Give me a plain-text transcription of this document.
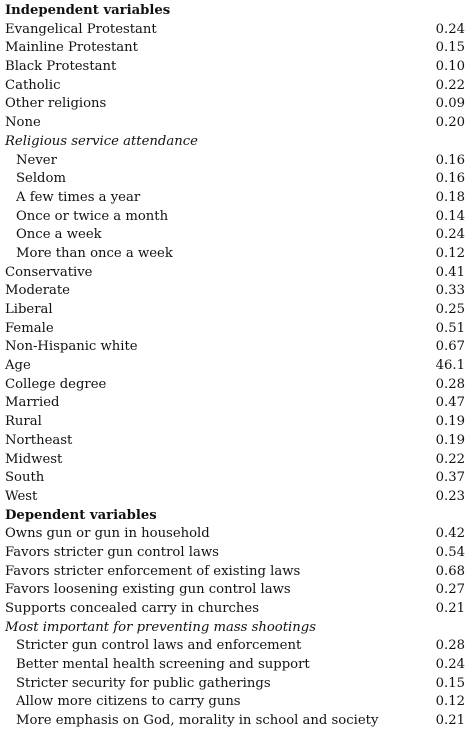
Independent variables
Evangelical Protestant	0.24
Mainline Protestant	0.15
Black Protestant	0.10
Catholic	0.22
Other religions	0.09
None	0.20
Religious service attendance
Never	0.16
Seldom	0.16
A few times a year	0.18
Once or twice a month	0.14
Once a week	0.24
More than once a week	0.12
Conservative	0.41
Moderate	0.33
Liberal	0.25
Female	0.51
Non-Hispanic white	0.67
Age	46.1
College degree	0.28
Married	0.47
Rural	0.19
Northeast	0.19
Midwest	0.22
South	0.37
West	0.23
Dependent variables
Owns gun or gun in household	0.42
Favors stricter gun control laws	0.54
Favors stricter enforcement of existing laws	0.68
Favors loosening existing gun control laws	0.27
Supports concealed carry in churches	0.21
Most important for preventing mass shootings
Stricter gun control laws and enforcement	0.28
Better mental health screening and support	0.24
Stricter security for public gatherings	0.15
Allow more citizens to carry guns	0.12
More emphasis on God, morality in school and society	0.21
